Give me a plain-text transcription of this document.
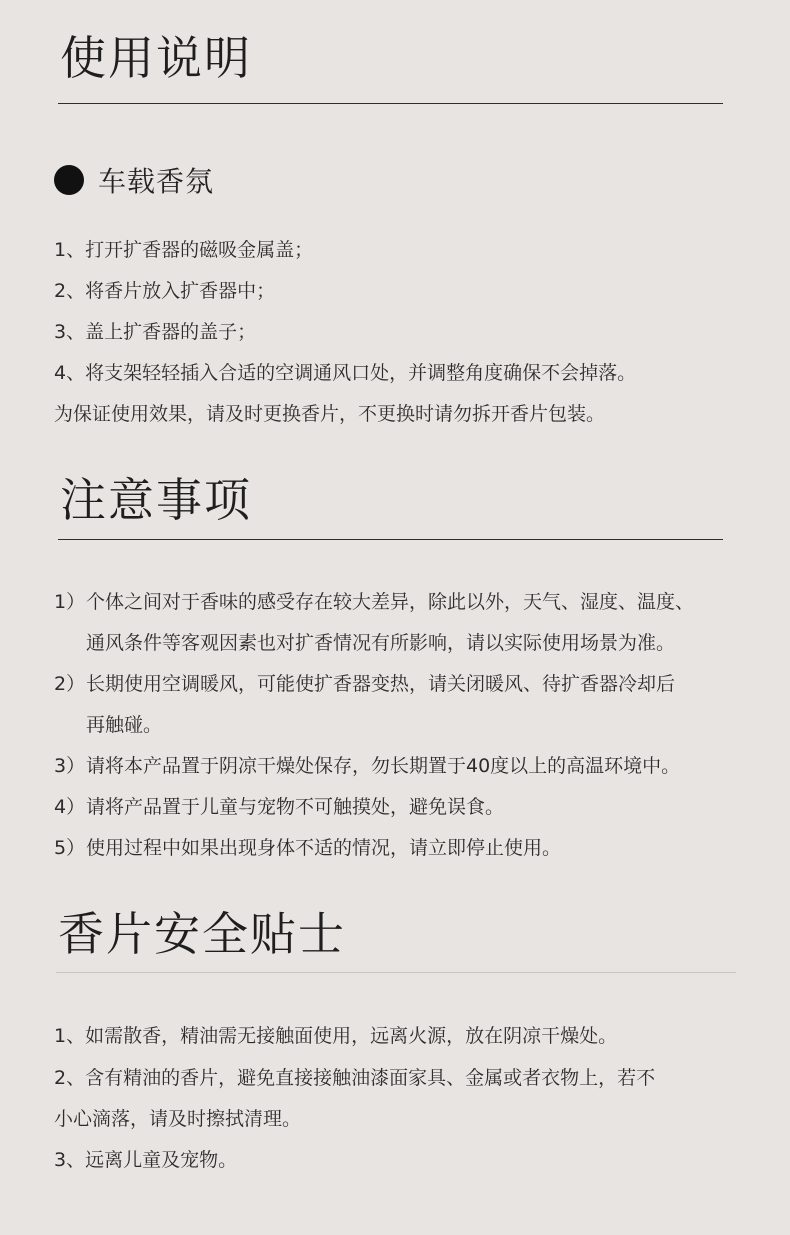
使用说明
车载香氛
1、打开扩香器的磁吸金属盖；
2、将香片放入扩香器中；
3、盖上扩香器的盖子；
4、将支架轻轻插入合适的空调通风口处，并调整角度确保不会掉落。
为保证使用效果，请及时更换香片，不更换时请勿拆开香片包装。
注意事项
1） 个体之间对于香味的感受存在较大差异，除此以外，天气、湿度、温度、
通风条件等客观因素也对扩香情况有所影响，请以实际使用场景为准。
2） 长期使用空调暖风，可能使扩香器变热，请关闭暖风、待扩香器冷却后
再触碰。
3） 请将本产品置于阴凉干燥处保存，勿长期置于40度以上的高温环境中。
4） 请将产品置于儿童与宠物不可触摸处，避免误食。
5） 使用过程中如果出现身体不适的情况，请立即停止使用。
香片安全贴士
1、如需散香，精油需无接触面使用，远离火源，放在阴凉干燥处。
2、含有精油的香片，避免直接接触油漆面家具、金属或者衣物上，若不
小心滴落，请及时擦拭清理。
3、远离儿童及宠物。
